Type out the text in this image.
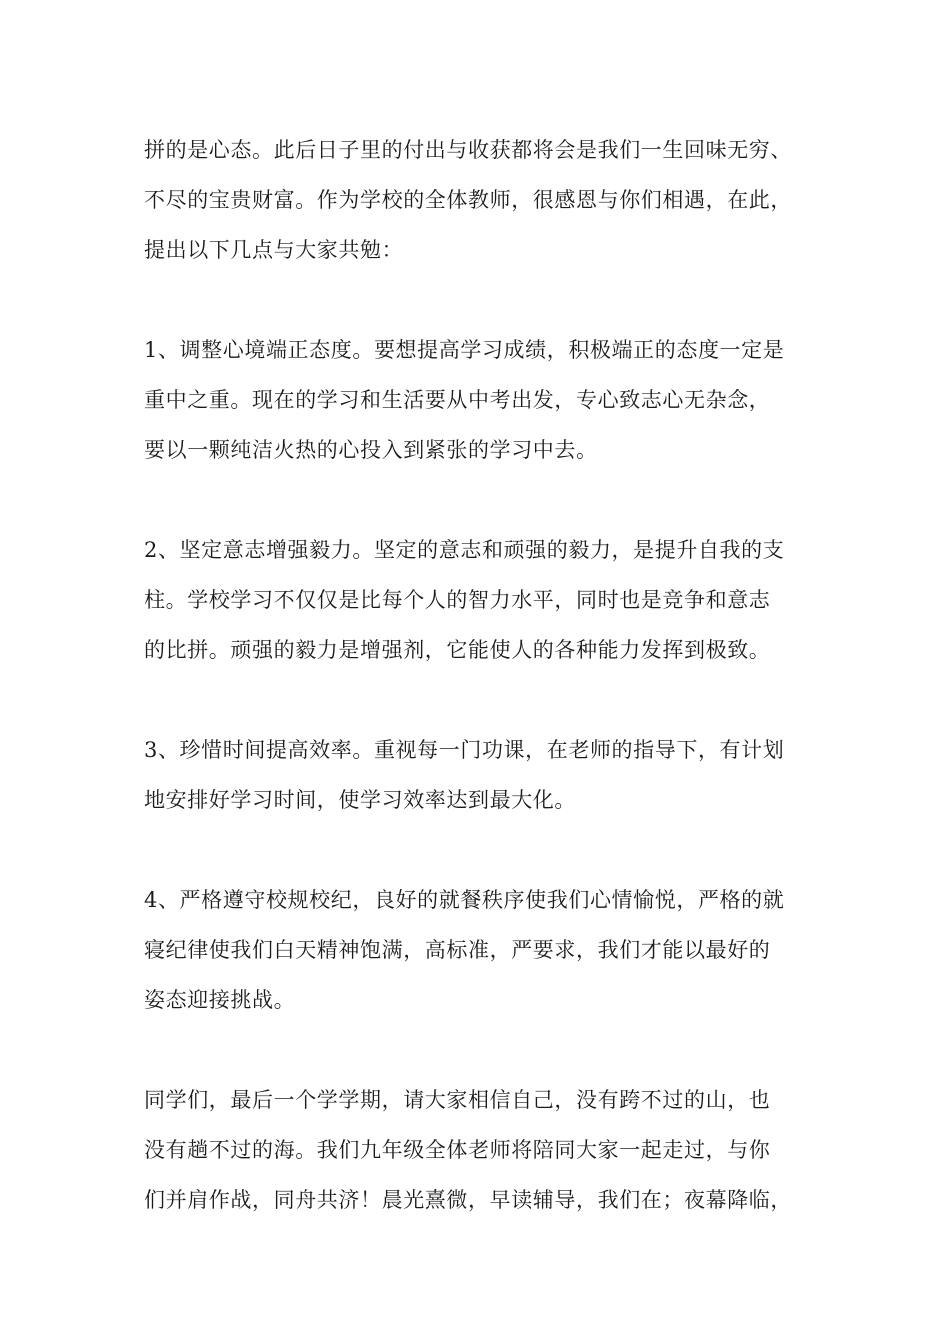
拼的是心态。此后日子里的付出与收获都将会是我们一生回味无穷、
不尽的宝贵财富。作为学校的全体教师，很感恩与你们相遇，在此，
提出以下几点与大家共勉：

1、调整心境端正态度。要想提高学习成绩，积极端正的态度一定是
重中之重。现在的学习和生活要从中考出发，专心致志心无杂念，
要以一颗纯洁火热的心投入到紧张的学习中去。

2、坚定意志增强毅力。坚定的意志和顽强的毅力，是提升自我的支
柱。学校学习不仅仅是比每个人的智力水平，同时也是竞争和意志
的比拼。顽强的毅力是增强剂，它能使人的各种能力发挥到极致。

3、珍惜时间提高效率。重视每一门功课，在老师的指导下，有计划
地安排好学习时间，使学习效率达到最大化。

4、严格遵守校规校纪，良好的就餐秩序使我们心情愉悦，严格的就
寝纪律使我们白天精神饱满，高标准，严要求，我们才能以最好的
姿态迎接挑战。

同学们，最后一个学学期，请大家相信自己，没有跨不过的山，也
没有趟不过的海。我们九年级全体老师将陪同大家一起走过，与你
们并肩作战，同舟共济！晨光熹微，早读辅导，我们在；夜幕降临，
